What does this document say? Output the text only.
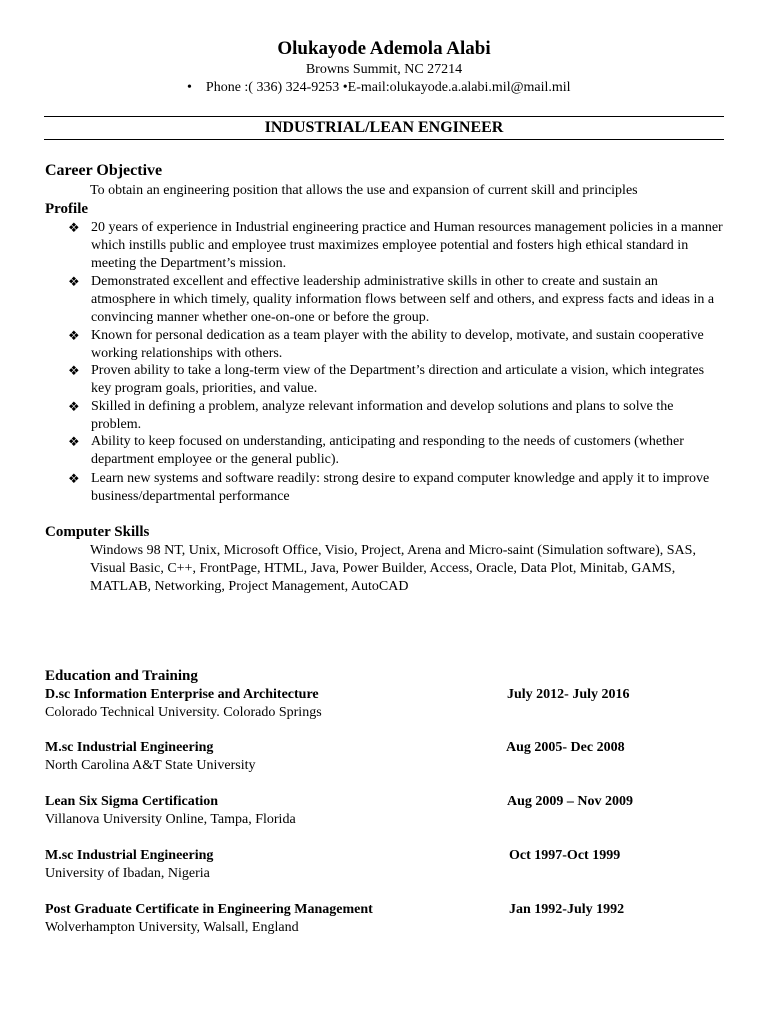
Olukayode Ademola Alabi
Browns Summit, NC 27214
• Phone :( 336) 324-9253 •E-mail:olukayode.a.alabi.mil@mail.mil
INDUSTRIAL/LEAN ENGINEER
Career Objective
To obtain an engineering position that allows the use and expansion of current skill and principles
Profile
❖ 20 years of experience in Industrial engineering practice and Human resources management policies in a manner which instills public and employee trust maximizes employee potential and fosters high ethical standard in meeting the Department’s mission.
❖ Demonstrated excellent and effective leadership administrative skills in other to create and sustain an atmosphere in which timely, quality information flows between self and others, and express facts and ideas in a convincing manner whether one-on-one or before the group.
❖ Known for personal dedication as a team player with the ability to develop, motivate, and sustain cooperative working relationships with others.
❖ Proven ability to take a long-term view of the Department’s direction and articulate a vision, which integrates key program goals, priorities, and value.
❖ Skilled in defining a problem, analyze relevant information and develop solutions and plans to solve the problem.
❖ Ability to keep focused on understanding, anticipating and responding to the needs of customers (whether department employee or the general public).
❖ Learn new systems and software readily: strong desire to expand computer knowledge and apply it to improve business/departmental performance
Computer Skills
Windows 98 NT, Unix, Microsoft Office, Visio, Project, Arena and Micro-saint (Simulation software), SAS, Visual Basic, C++, FrontPage, HTML, Java, Power Builder, Access, Oracle, Data Plot, Minitab, GAMS, MATLAB, Networking, Project Management, AutoCAD
Education and Training
D.sc Information Enterprise and Architecture	July 2012- July 2016
Colorado Technical University. Colorado Springs
M.sc Industrial Engineering	Aug 2005- Dec 2008
North Carolina A&T State University
Lean Six Sigma Certification	Aug 2009 – Nov 2009
Villanova University Online, Tampa, Florida
M.sc Industrial Engineering	Oct 1997-Oct 1999
University of Ibadan, Nigeria
Post Graduate Certificate in Engineering Management	Jan 1992-July 1992
Wolverhampton University, Walsall, England
